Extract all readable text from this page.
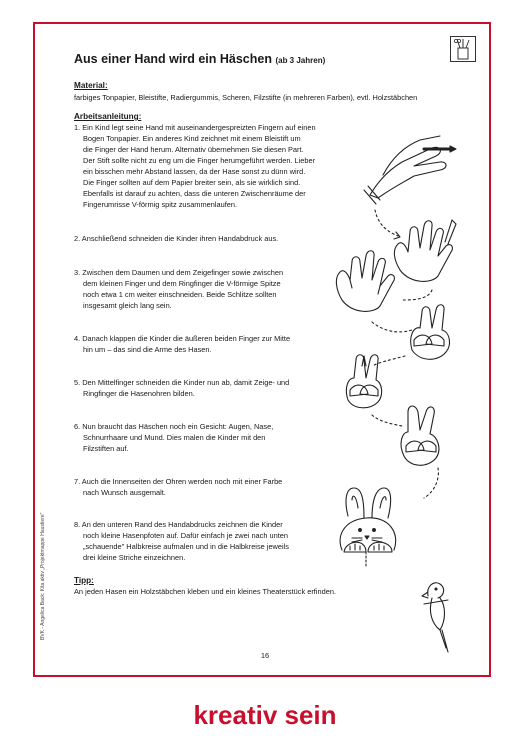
Aus einer Hand wird ein Häschen (ab 3 Jahren)
Material:
farbiges Tonpapier, Bleistifte, Radiergummis, Scheren, Filzstifte (in mehreren Farben), evtl. Holzstäbchen
Arbeitsanleitung:
1. Ein Kind legt seine Hand mit auseinandergespreizten Fingern auf einen
Bogen Tonpapier. Ein anderes Kind zeichnet mit einem Bleistift um
die Finger der Hand herum. Alternativ übernehmen Sie diesen Part.
Der Stift sollte nicht zu eng um die Finger herumgeführt werden. Lieber
ein bisschen mehr Abstand lassen, da der Hase sonst zu dünn wird.
Die Finger sollten auf dem Papier breiter sein, als sie wirklich sind.
Ebenfalls ist darauf zu achten, dass die unteren Zwischenräume der
Fingerumrisse V-förmig spitz zusammenlaufen.
2. Anschließend schneiden die Kinder ihren Handabdruck aus.
3. Zwischen dem Daumen und dem Zeigefinger sowie zwischen
dem kleinen Finger und dem Ringfinger die V-förmige Spitze
noch etwa 1 cm weiter einschneiden. Beide Schlitze sollten
insgesamt gleich lang sein.
4. Danach klappen die Kinder die äußeren beiden Finger zur Mitte
hin um – das sind die Arme des Hasen.
5. Den Mittelfinger schneiden die Kinder nun ab, damit Zeige- und
Ringfinger die Hasenohren bilden.
6. Nun braucht das Häschen noch ein Gesicht: Augen, Nase,
Schnurrhaare und Mund. Dies malen die Kinder mit den
Filzstiften auf.
7. Auch die Innenseiten der Ohren werden noch mit einer Farbe
nach Wunsch ausgemalt.
8. An den unteren Rand des Handabdrucks zeichnen die Kinder
noch kleine Hasenpfoten auf. Dafür einfach je zwei nach unten
„schauende" Halbkreise aufmalen und in die Halbkreise jeweils
drei kleine Striche einzeichnen.
Tipp:
An jeden Hasen ein Holzstäbchen kleben und ein kleines Theaterstück erfinden.
BVK - Angelica Back: Kita aktiv „Projektmappe Haustiere"
16
kreativ sein
